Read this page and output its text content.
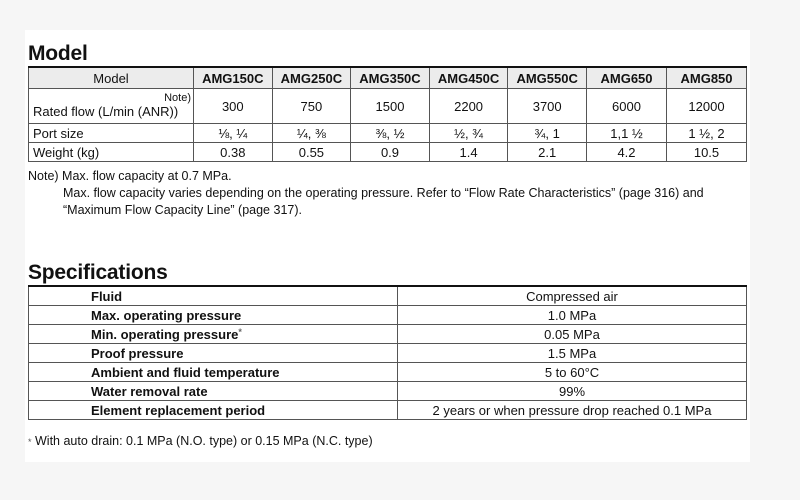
Model
Model	AMG150C	AMG250C	AMG350C	AMG450C	AMG550C	AMG650	AMG850

Note)
Rated flow (L/min (ANR))	300	750	1500	2200	3700	6000	12000
Port size	⅛, ¼	¼, ⅜	⅜, ½	½, ¾	¾, 1	1,1 ½	1 ½, 2
Weight (kg)	0.38	0.55	0.9	1.4	2.1	4.2	10.5
Note) Max. flow capacity at 0.7 MPa.
Max. flow capacity varies depending on the operating pressure. Refer to “Flow Rate Characteristics” (page 316) and “Maximum Flow Capacity Line” (page 317).
Specifications
Fluid	Compressed air
Max. operating pressure	1.0 MPa
Min. operating pressure*	0.05 MPa
Proof pressure	1.5 MPa
Ambient and fluid temperature	5 to 60°C
Water removal rate	99%
Element replacement period	2 years or when pressure drop reached 0.1 MPa
* With auto drain: 0.1 MPa (N.O. type) or 0.15 MPa (N.C. type)
